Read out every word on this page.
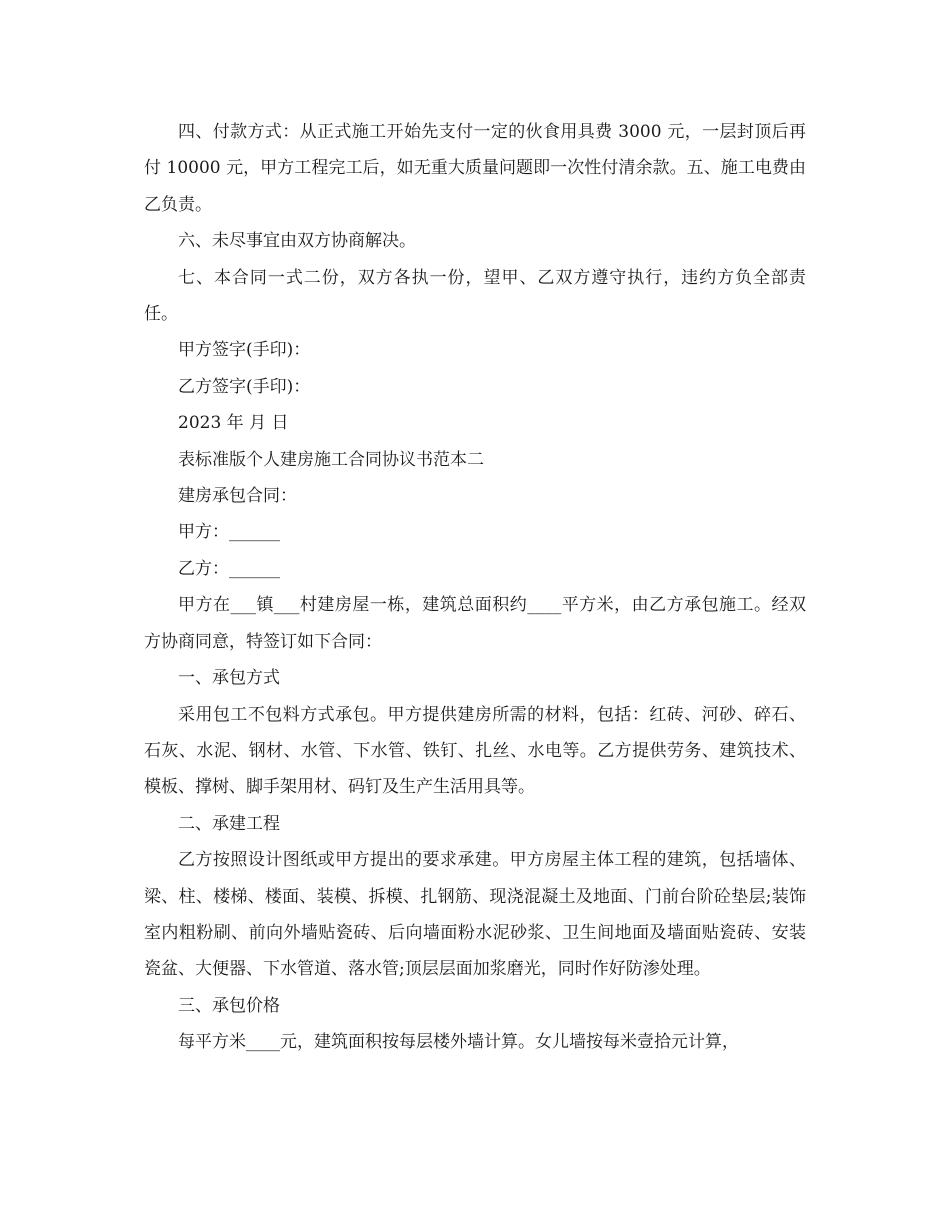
四、付款方式：从正式施工开始先支付一定的伙食用具费 3000 元，一层封顶后再付 10000 元，甲方工程完工后，如无重大质量问题即一次性付清余款。五、施工电费由乙负责。

六、未尽事宜由双方协商解决。

七、本合同一式二份，双方各执一份，望甲、乙双方遵守执行，违约方负全部责任。

甲方签字(手印)：

乙方签字(手印)：

2023 年 月 日

表标准版个人建房施工合同协议书范本二

建房承包合同：

甲方：______

乙方：______

甲方在___镇___村建房屋一栋，建筑总面积约____平方米，由乙方承包施工。经双方协商同意，特签订如下合同：

一、承包方式

采用包工不包料方式承包。甲方提供建房所需的材料，包括：红砖、河砂、碎石、石灰、水泥、钢材、水管、下水管、铁钉、扎丝、水电等。乙方提供劳务、建筑技术、模板、撑树、脚手架用材、码钉及生产生活用具等。

二、承建工程

乙方按照设计图纸或甲方提出的要求承建。甲方房屋主体工程的建筑，包括墙体、梁、柱、楼梯、楼面、装模、拆模、扎钢筋、现浇混凝土及地面、门前台阶砼垫层;装饰室内粗粉刷、前向外墙贴瓷砖、后向墙面粉水泥砂浆、卫生间地面及墙面贴瓷砖、安装瓷盆、大便器、下水管道、落水管;顶层层面加浆磨光，同时作好防渗处理。

三、承包价格

每平方米____元，建筑面积按每层楼外墙计算。女儿墙按每米壹拾元计算，
